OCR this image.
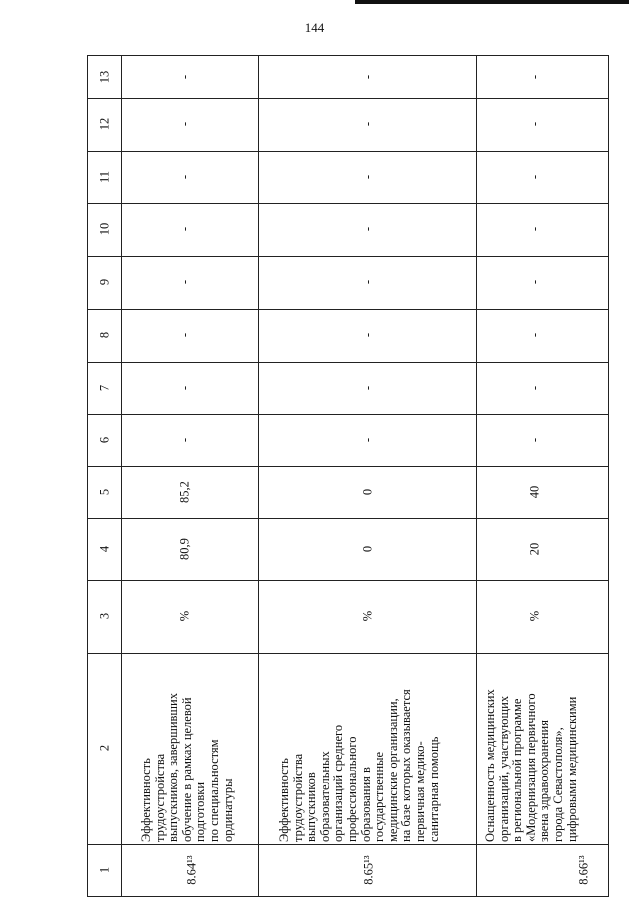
144
13
12
11
10
9
8
7
6
5
4
3
2
1
-
-
-
-
-
-
-
-
85,2
80,9
%
Эффективность трудоустройства выпускников, завершивших обучение в рамках целевой подготовки по специальностям ординатуры
8.64¹³
-
-
-
-
-
-
-
-
0
0
%
Эффективность трудоустройства выпускников образовательных организаций среднего профессионального образования в государственные медицинские организации, на базе которых оказывается первичная медико- санитарная помощь
8.65¹³
-
-
-
-
-
-
-
-
40
20
%
Оснащенность медицинских организаций, участвующих в региональной программе «Модернизация первичного звена здравоохранения города Севастополя», цифровыми медицинскими
8.66¹³
